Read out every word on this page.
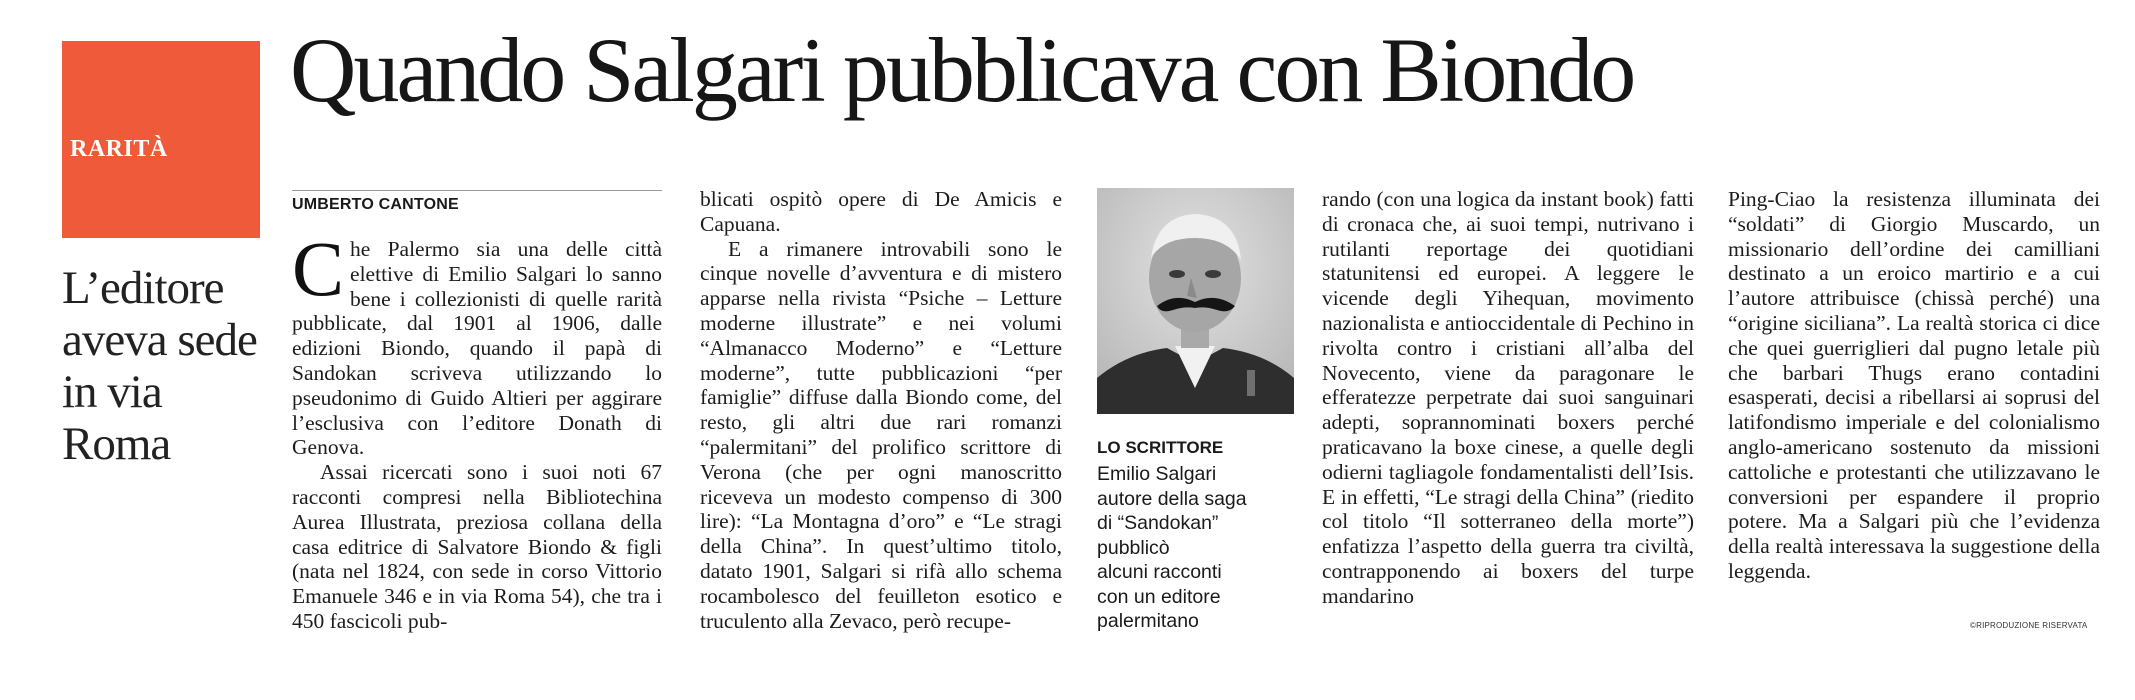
RARITÀ
Quando Salgari pubblicava con Biondo
L’editore aveva sede in via Roma
UMBERTO CANTONE

Che Palermo sia una delle città elettive di Emilio Salgari lo sanno bene i collezionisti di quelle rarità pubblicate, dal 1901 al 1906, dalle edizioni Biondo, quando il papà di Sandokan scriveva utilizzando lo pseudonimo di Guido Altieri per aggirare l’esclusiva con l’editore Donath di Genova.

Assai ricercati sono i suoi noti 67 racconti compresi nella Bibliotechina Aurea Illustrata, preziosa collana della casa editrice di Salvatore Biondo & figli (nata nel 1824, con sede in corso Vittorio Emanuele 346 e in via Roma 54), che tra i 450 fascicoli pub-

blicati ospitò opere di De Amicis e Capuana.

E a rimanere introvabili sono le cinque novelle d’avventura e di mistero apparse nella rivista “Psiche – Letture moderne illustrate” e nei volumi “Almanacco Moderno” e “Letture moderne”, tutte pubblicazioni “per famiglie” diffuse dalla Biondo come, del resto, gli altri due rari romanzi “palermitani” del prolifico scrittore di Verona (che per ogni manoscritto riceveva un modesto compenso di 300 lire): “La Montagna d’oro” e “Le stragi della China”. In quest’ultimo titolo, datato 1901, Salgari si rifà allo schema rocambolesco del feuilleton esotico e truculento alla Zevaco, però recupe-

LO SCRITTORE
Emilio Salgari
autore della saga
di “Sandokan”
pubblicò
alcuni racconti
con un editore
palermitano

rando (con una logica da instant book) fatti di cronaca che, ai suoi tempi, nutrivano i rutilanti reportage dei quotidiani statunitensi ed europei. A leggere le vicende degli Yihequan, movimento nazionalista e antioccidentale di Pechino in rivolta contro i cristiani all’alba del Novecento, viene da paragonare le efferatezze perpetrate dai suoi sanguinari adepti, soprannominati boxers perché praticavano la boxe cinese, a quelle degli odierni tagliagole fondamentalisti dell’Isis. E in effetti, “Le stragi della China” (riedito col titolo “Il sotterraneo della morte”) enfatizza l’aspetto della guerra tra civiltà, contrapponendo ai boxers del turpe mandarino

Ping-Ciao la resistenza illuminata dei “soldati” di Giorgio Muscardo, un missionario dell’ordine dei camilliani destinato a un eroico martirio e a cui l’autore attribuisce (chissà perché) una “origine siciliana”. La realtà storica ci dice che quei guerriglieri dal pugno letale più che barbari Thugs erano contadini esasperati, decisi a ribellarsi ai soprusi del latifondismo imperiale e del colonialismo anglo-americano sostenuto da missioni cattoliche e protestanti che utilizzavano le conversioni per espandere il proprio potere. Ma a Salgari più che l’evidenza della realtà interessava la suggestione della leggenda.

©RIPRODUZIONE RISERVATA
